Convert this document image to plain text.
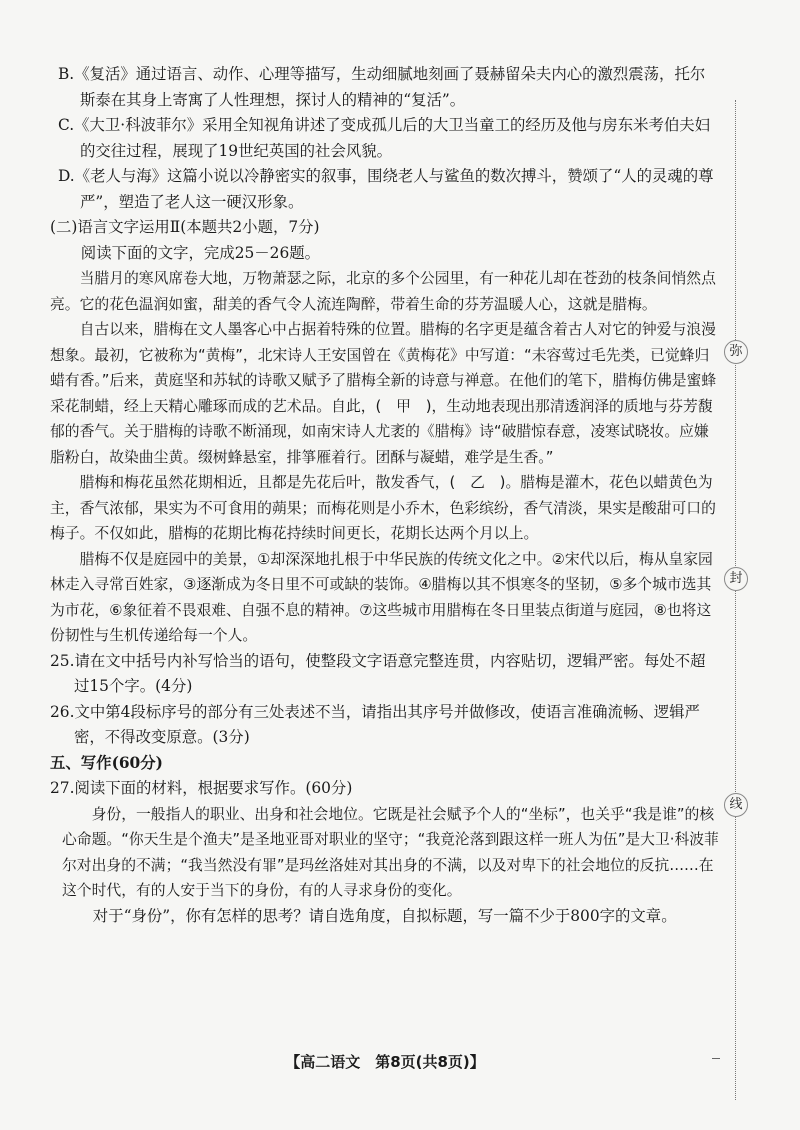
B.《复活》通过语言、动作、心理等描写，生动细腻地刻画了聂赫留朵夫内心的激烈震荡，托尔斯泰在其身上寄寓了人性理想，探讨人的精神的“复活”。

C.《大卫·科波菲尔》采用全知视角讲述了变成孤儿后的大卫当童工的经历及他与房东米考伯夫妇的交往过程，展现了19世纪英国的社会风貌。

D.《老人与海》这篇小说以冷静密实的叙事，围绕老人与鲨鱼的数次搏斗，赞颂了“人的灵魂的尊严”，塑造了老人这一硬汉形象。

(二)语言文字运用Ⅱ(本题共2小题，7分)

阅读下面的文字，完成25－26题。

当腊月的寒风席卷大地，万物萧瑟之际，北京的多个公园里，有一种花儿却在苍劲的枝条间悄然点亮。它的花色温润如蜜，甜美的香气令人流连陶醉，带着生命的芬芳温暖人心，这就是腊梅。

自古以来，腊梅在文人墨客心中占据着特殊的位置。腊梅的名字更是蕴含着古人对它的钟爱与浪漫想象。最初，它被称为“黄梅”，北宋诗人王安国曾在《黄梅花》中写道：“未容莺过毛先类，已觉蜂归蜡有香。”后来，黄庭坚和苏轼的诗歌又赋予了腊梅全新的诗意与禅意。在他们的笔下，腊梅仿佛是蜜蜂采花制蜡，经上天精心雕琢而成的艺术品。自此，(　甲　)，生动地表现出那清透润泽的质地与芬芳馥郁的香气。关于腊梅的诗歌不断涌现，如南宋诗人尤袤的《腊梅》诗“破腊惊春意，凌寒试晓妆。应嫌脂粉白，故染曲尘黄。缀树蜂悬室，排箏雁着行。团酥与凝蜡，难学是生香。”

腊梅和梅花虽然花期相近，且都是先花后叶，散发香气，(　乙　)。腊梅是灌木，花色以蜡黄色为主，香气浓郁，果实为不可食用的蒴果；而梅花则是小乔木，色彩缤纷，香气清淡，果实是酸甜可口的梅子。不仅如此，腊梅的花期比梅花持续时间更长，花期长达两个月以上。

腊梅不仅是庭园中的美景，①却深深地扎根于中华民族的传统文化之中。②宋代以后，梅从皇家园林走入寻常百姓家，③逐渐成为冬日里不可或缺的装饰。④腊梅以其不惧寒冬的坚韧，⑤多个城市选其为市花，⑥象征着不畏艰难、自强不息的精神。⑦这些城市用腊梅在冬日里装点街道与庭园，⑧也将这份韧性与生机传递给每一个人。

25.请在文中括号内补写恰当的语句，使整段文字语意完整连贯，内容贴切，逻辑严密。每处不超过15个字。(4分)

26.文中第4段标序号的部分有三处表述不当，请指出其序号并做修改，使语言准确流畅、逻辑严密，不得改变原意。(3分)

五、写作(60分)

27.阅读下面的材料，根据要求写作。(60分)

身份，一般指人的职业、出身和社会地位。它既是社会赋予个人的“坐标”，也关乎“我是谁”的核心命题。“你天生是个渔夫”是圣地亚哥对职业的坚守；“我竟沦落到跟这样一班人为伍”是大卫·科波菲尔对出身的不满；“我当然没有罪”是玛丝洛娃对其出身的不满，以及对卑下的社会地位的反抗……在这个时代，有的人安于当下的身份，有的人寻求身份的变化。

对于“身份”，你有怎样的思考？请自选角度，自拟标题，写一篇不少于800字的文章。

弥
封
线
【高二语文　第8页(共8页)】
